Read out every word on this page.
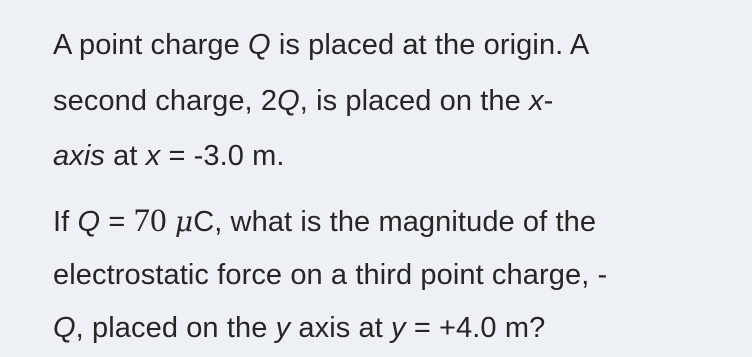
A point charge Q is placed at the origin. A
second charge, 2Q, is placed on the x-
axis at x = -3.0 m.
If Q = 70 μC, what is the magnitude of the
electrostatic force on a third point charge, -
Q, placed on the y axis at y = +4.0 m?
